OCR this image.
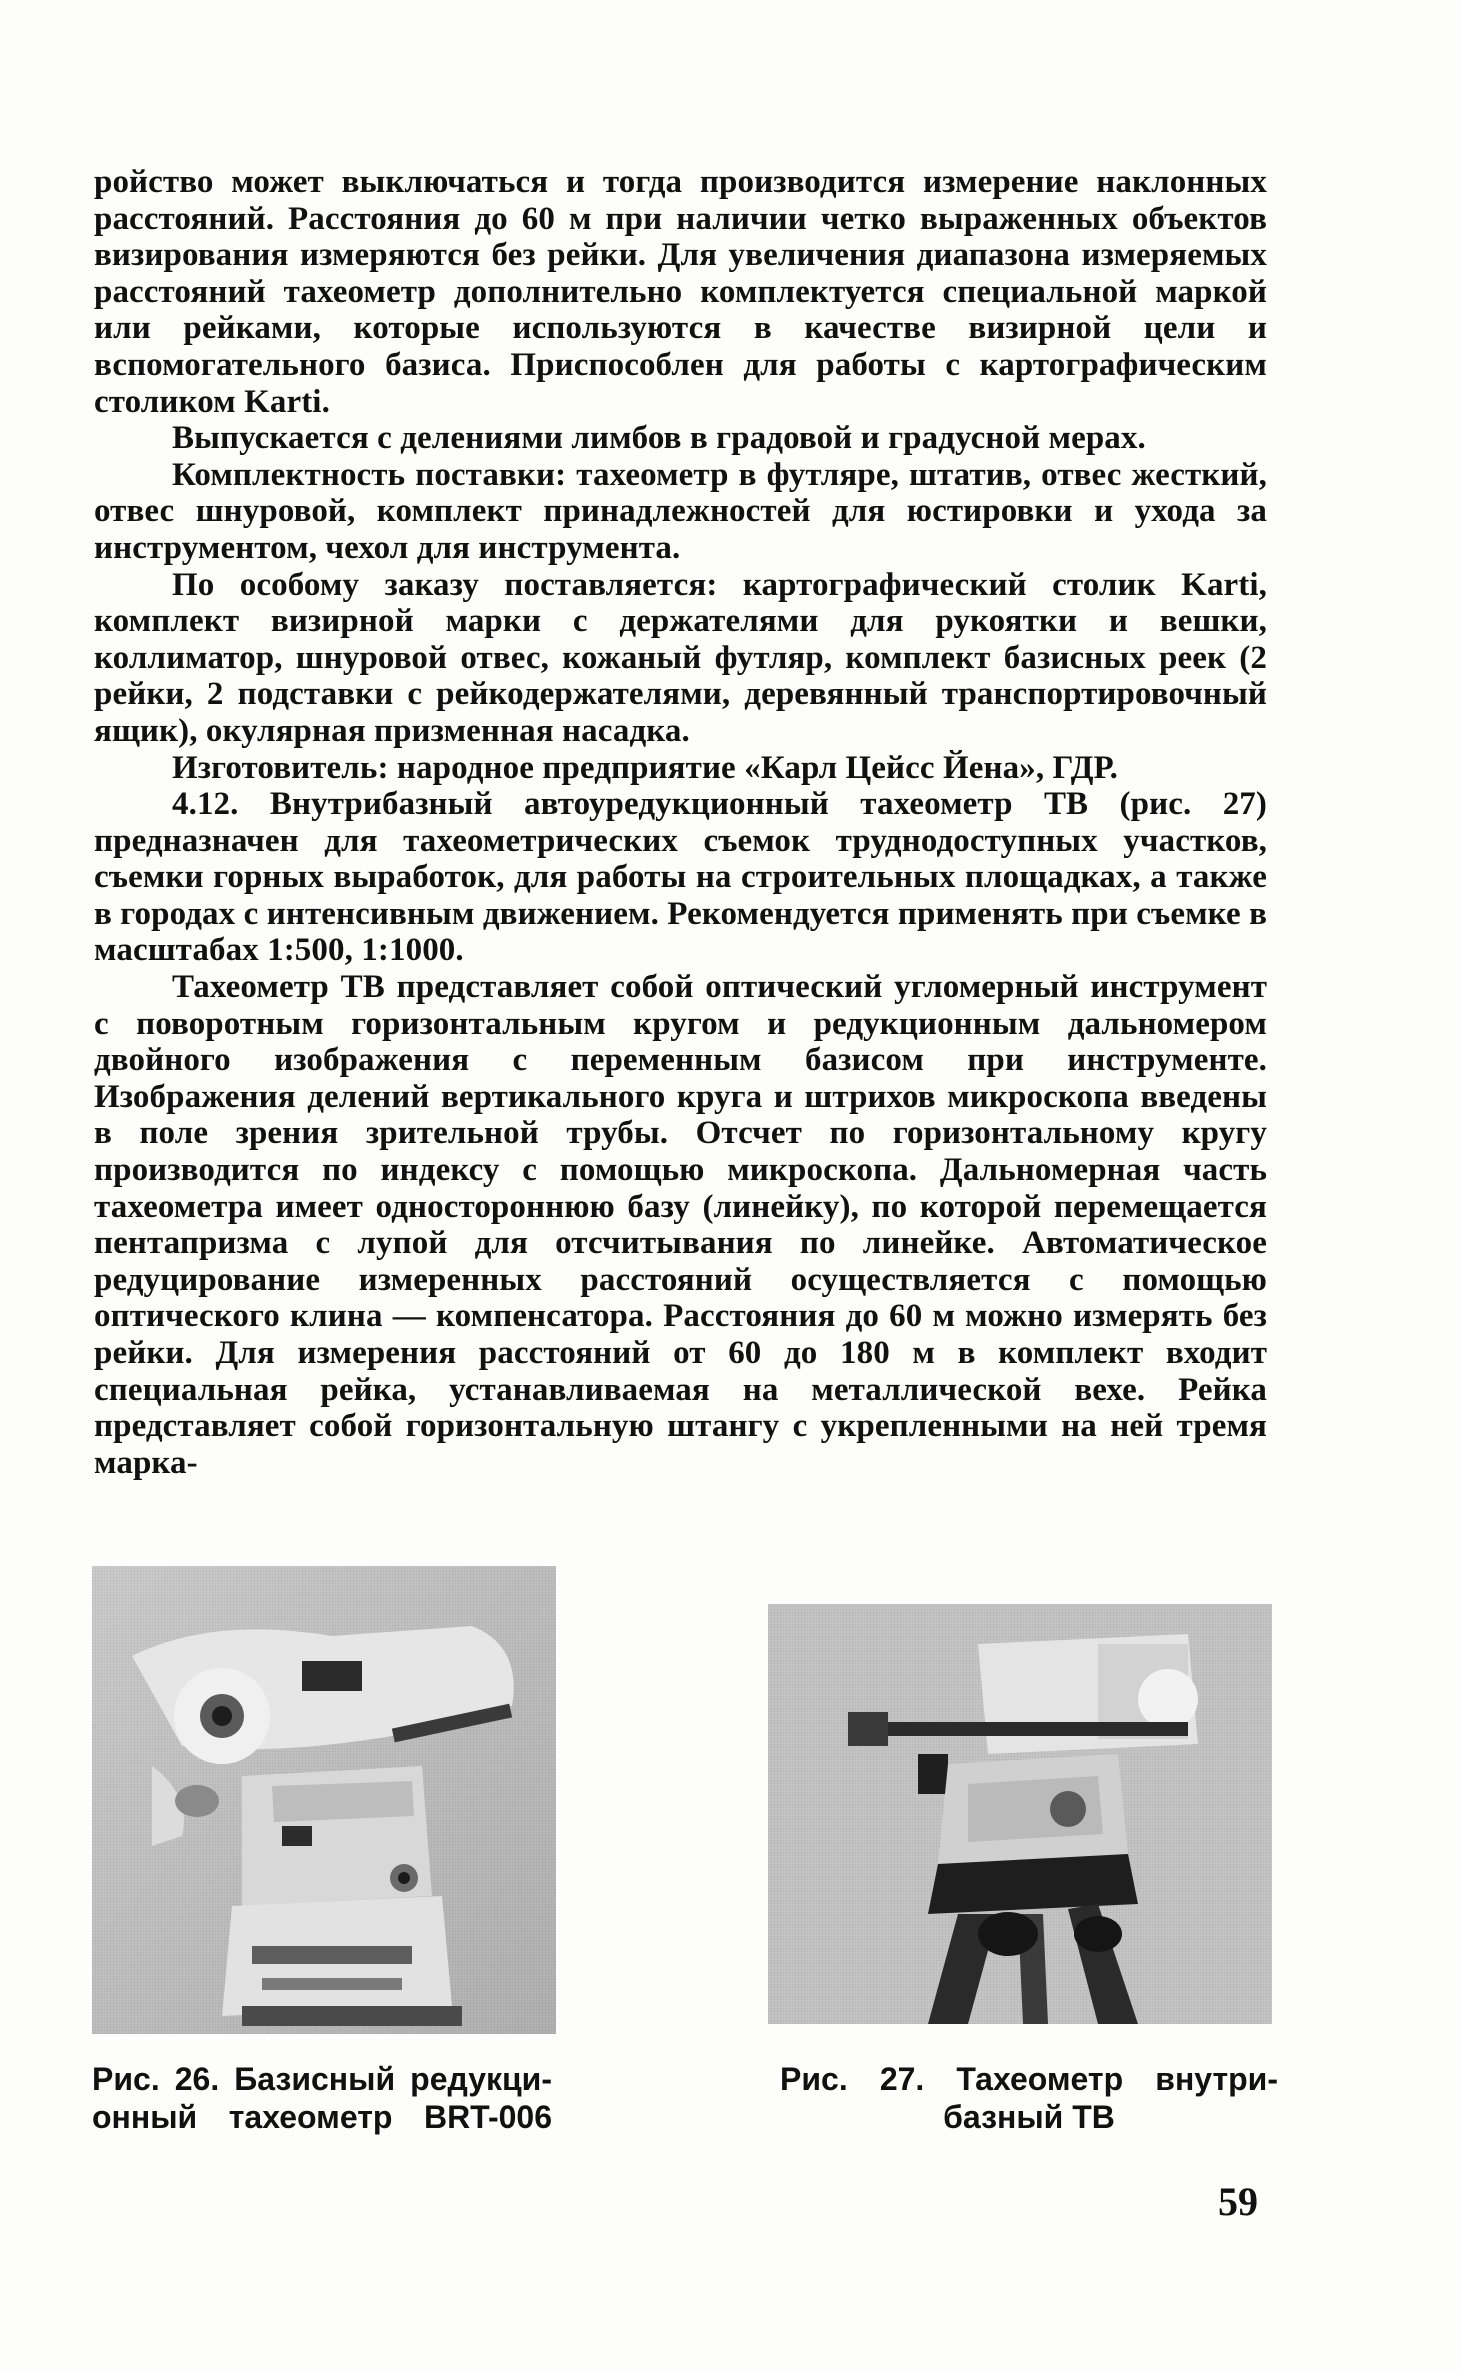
ройство может выключаться и тогда производится измерение наклонных расстояний. Расстояния до 60 м при наличии четко выраженных объектов визирования измеряются без рейки. Для увеличения диапазона измеряемых расстояний тахеометр дополнительно комплектуется специальной маркой или рейками, которые используются в качестве визирной цели и вспомогательного базиса. Приспособлен для работы с картографическим столиком Karti.

Выпускается с делениями лимбов в градовой и градусной мерах.

Комплектность поставки: тахеометр в футляре, штатив, отвес жесткий, отвес шнуровой, комплект принадлежностей для юстировки и ухода за инструментом, чехол для инструмента.

По особому заказу поставляется: картографический столик Karti, комплект визирной марки с держателями для рукоятки и вешки, коллиматор, шнуровой отвес, кожаный футляр, комплект базисных реек (2 рейки, 2 подставки с рейкодержателями, деревянный транспортировочный ящик), окулярная призменная насадка.

Изготовитель: народное предприятие «Карл Цейсс Йена», ГДР.

4.12. Внутрибазный автоуредукционный тахеометр ТВ (рис. 27) предназначен для тахеометрических съемок труднодоступных участков, съемки горных выработок, для работы на строительных площадках, а также в городах с интенсивным движением. Рекомендуется применять при съемке в масштабах 1:500, 1:1000.

Тахеометр ТВ представляет собой оптический угломерный инструмент с поворотным горизонтальным кругом и редукционным дальномером двойного изображения с переменным базисом при инструменте. Изображения делений вертикального круга и штрихов микроскопа введены в поле зрения зрительной трубы. Отсчет по горизонтальному кругу производится по индексу с помощью микроскопа. Дальномерная часть тахеометра имеет одностороннюю базу (линейку), по которой перемещается пентапризма с лупой для отсчитывания по линейке. Автоматическое редуцирование измеренных расстояний осуществляется с помощью оптического клина — компенсатора. Расстояния до 60 м можно измерять без рейки. Для измерения расстояний от 60 до 180 м в комплект входит специальная рейка, устанавливаемая на металлической вехе. Рейка представляет собой горизонтальную штангу с укрепленными на ней тремя марка-

Рис. 26. Базисный редукци-
онный тахеометр BRT-006
Рис. 27. Тахеометр внутри-
базный ТВ
59
